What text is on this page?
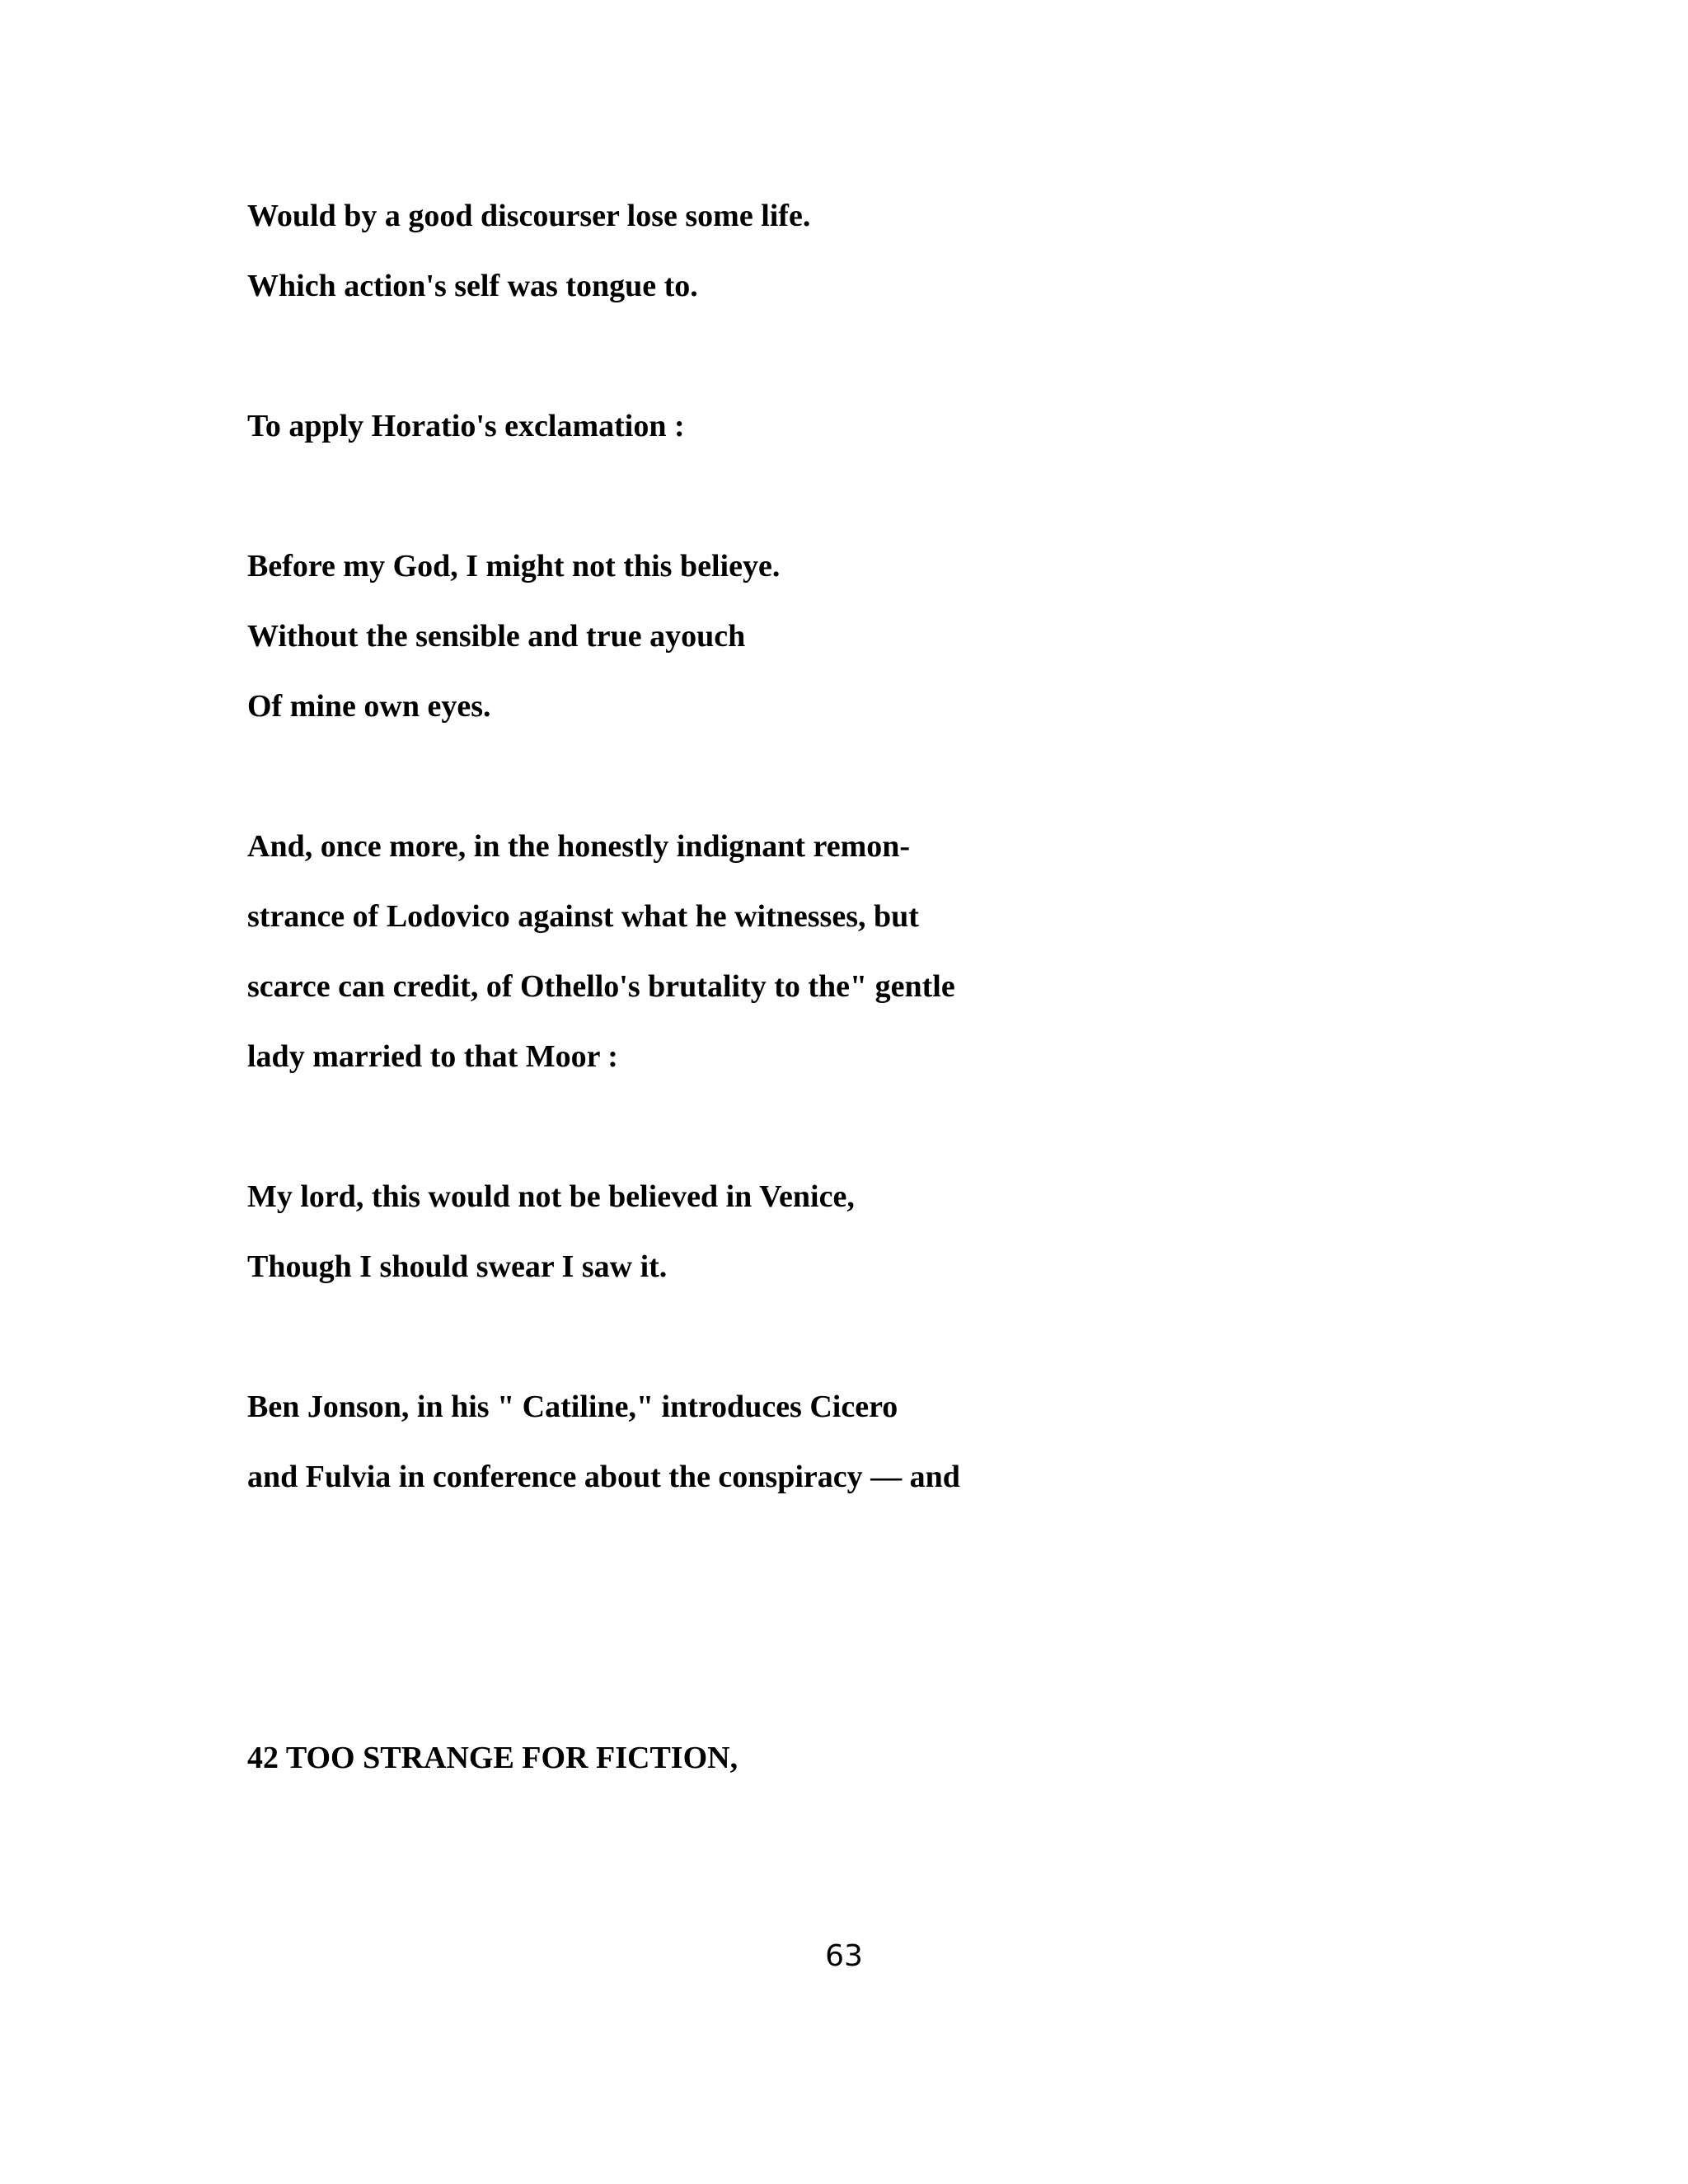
Would by a good discourser lose some life.
Which action's self was tongue to.
To apply Horatio's exclamation :
Before my God, I might not this belieye.
Without the sensible and true ayouch
Of mine own eyes.
And, once more, in the honestly indignant remon-
strance of Lodovico against what he witnesses, but
scarce can credit, of Othello's brutality to the" gentle
lady married to that Moor :
My lord, this would not be believed in Venice,
Though I should swear I saw it.
Ben Jonson, in his " Catiline," introduces Cicero
and Fulvia in conference about the conspiracy — and
42 TOO STRANGE FOR FICTION,
63
